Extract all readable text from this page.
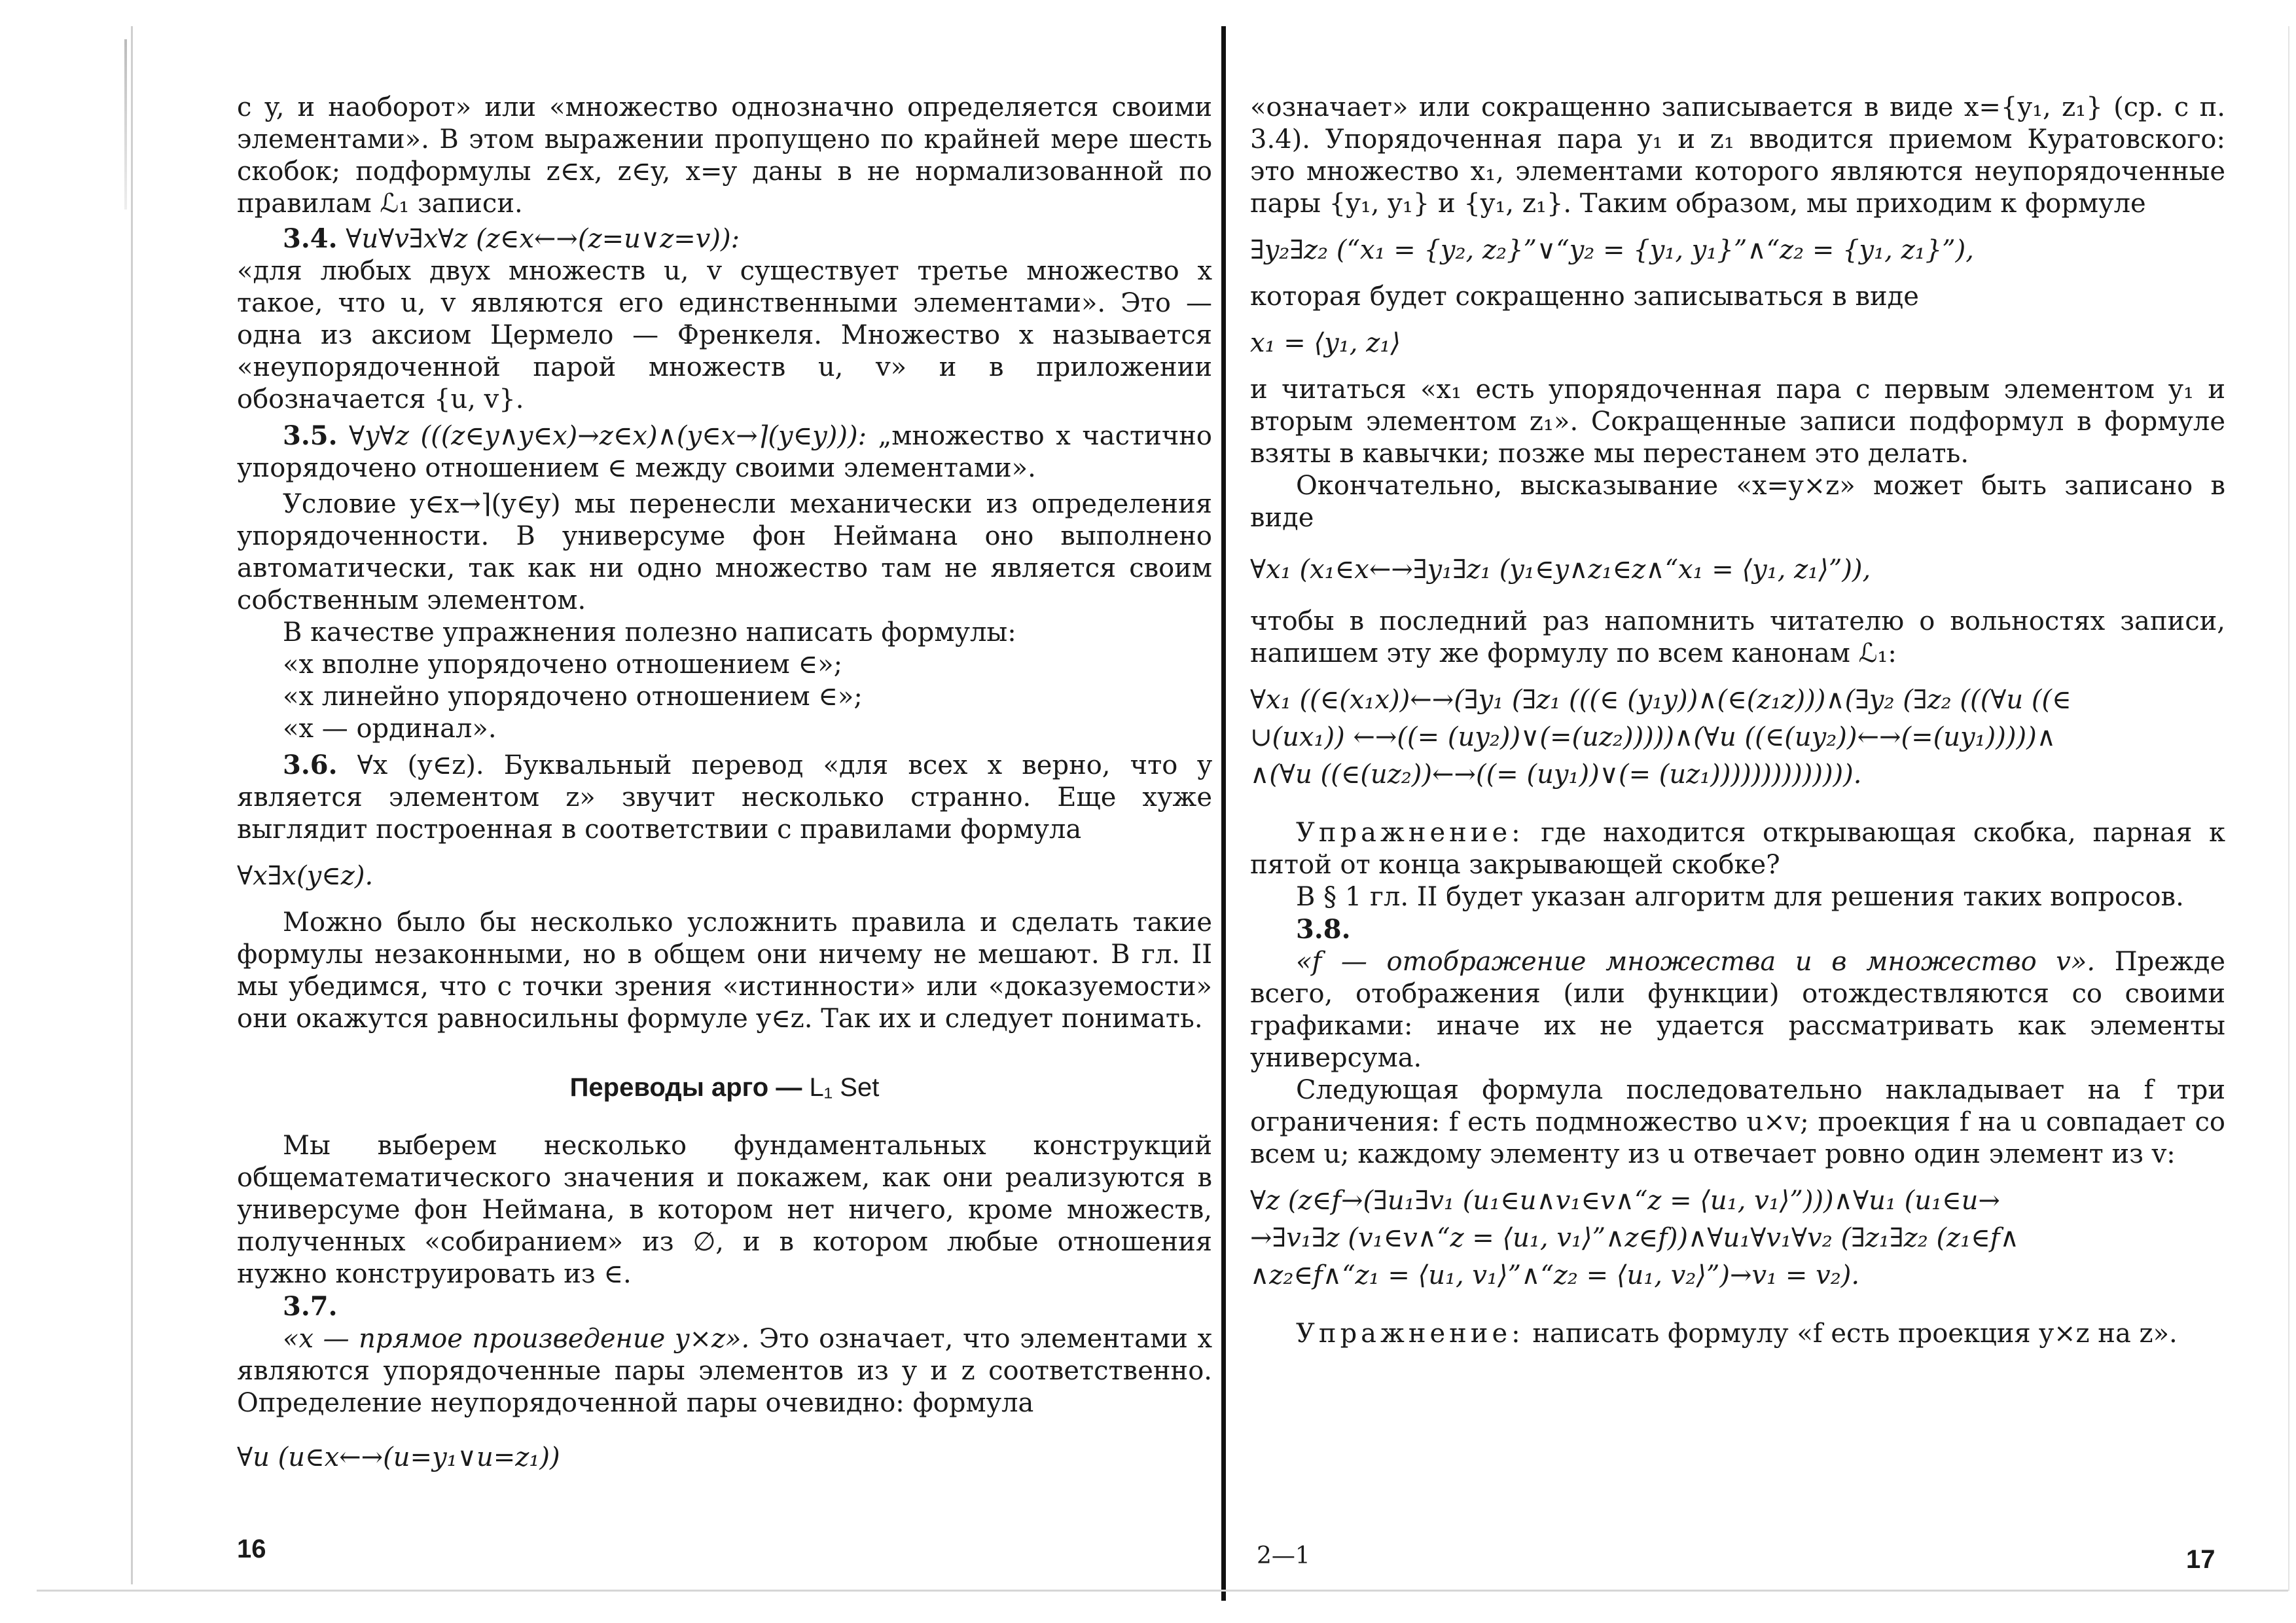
с y, и наоборот» или «множество однозначно определяется своими элементами». В этом выражении пропущено по крайней мере шесть скобок; подформулы z∈x, z∈y, x=y даны в не нормализованной по правилам ℒ₁ записи.

3.4. ∀u∀v∃x∀z (z∈x←→(z=u∨z=v)):

«для любых двух множеств u, v существует третье множество x такое, что u, v являются его единственными элементами». Это — одна из аксиом Цермело — Френкеля. Множество x называется «неупорядоченной парой множеств u, v» и в приложении обозначается {u, v}.

3.5. ∀y∀z (((z∈y∧y∈x)→z∈x)∧(y∈x→⌉(y∈y))): „множество x частично упорядочено отношением ∈ между своими элементами».

Условие y∈x→⌉(y∈y) мы перенесли механически из определения упорядоченности. В универсуме фон Неймана оно выполнено автоматически, так как ни одно множество там не является своим собственным элементом.

В качестве упражнения полезно написать формулы:

«x вполне упорядочено отношением ∈»;

«x линейно упорядочено отношением ∈»;

«x — ординал».

3.6. ∀x (y∈z). Буквальный перевод «для всех x верно, что y является элементом z» звучит несколько странно. Еще хуже выглядит построенная в соответствии с правилами формула

∀x∃x(y∈z).

Можно было бы несколько усложнить правила и сделать такие формулы незаконными, но в общем они ничему не мешают. В гл. II мы убедимся, что с точки зрения «истинности» или «доказуемости» они окажутся равносильны формуле y∈z. Так их и следует понимать.

Переводы арго — L₁ Set

Мы выберем несколько фундаментальных конструкций общематематического значения и покажем, как они реализуются в универсуме фон Неймана, в котором нет ничего, кроме множеств, полученных «собиранием» из ∅, и в котором любые отношения нужно конструировать из ∈.

3.7.

«x — прямое произведение y×z». Это означает, что элементами x являются упорядоченные пары элементов из y и z соответственно. Определение неупорядоченной пары очевидно: формула

∀u (u∈x←→(u=y₁∨u=z₁))

16

«означает» или сокращенно записывается в виде x={y₁, z₁} (ср. с п. 3.4). Упорядоченная пара y₁ и z₁ вводится приемом Куратовского: это множество x₁, элементами которого являются неупорядоченные пары {y₁, y₁} и {y₁, z₁}. Таким образом, мы приходим к формуле

∃y₂∃z₂ (“x₁ = {y₂, z₂}”∨“y₂ = {y₁, y₁}”∧“z₂ = {y₁, z₁}”),

которая будет сокращенно записываться в виде

x₁ = ⟨y₁, z₁⟩

и читаться «x₁ есть упорядоченная пара с первым элементом y₁ и вторым элементом z₁». Сокращенные записи подформул в формуле взяты в кавычки; позже мы перестанем это делать.

Окончательно, высказывание «x=y×z» может быть записано в виде

∀x₁ (x₁∈x←→∃y₁∃z₁ (y₁∈y∧z₁∈z∧“x₁ = ⟨y₁, z₁⟩”)),

чтобы в последний раз напомнить читателю о вольностях записи, напишем эту же формулу по всем канонам ℒ₁:

∀x₁ ((∈(x₁x))←→(∃y₁ (∃z₁ (((∈ (y₁y))∧(∈(z₁z)))∧(∃y₂ (∃z₂ (((∀u ((∈

∪(ux₁)) ←→((= (uy₂))∨(=(uz₂)))))∧(∀u ((∈(uy₂))←→(=(uy₁)))))∧

∧(∀u ((∈(uz₂))←→((= (uy₁))∨(= (uz₁)))))))))))))).

Упражнение: где находится открывающая скобка, парная к пятой от конца закрывающей скобке?

В § 1 гл. II будет указан алгоритм для решения таких вопросов.

3.8.

«f — отображение множества u в множество v». Прежде всего, отображения (или функции) отождествляются со своими графиками: иначе их не удается рассматривать как элементы универсума.

Следующая формула последовательно накладывает на f три ограничения: f есть подмножество u×v; проекция f на u совпадает со всем u; каждому элементу из u отвечает ровно один элемент из v:

∀z (z∈f→(∃u₁∃v₁ (u₁∈u∧v₁∈v∧“z = ⟨u₁, v₁⟩”)))∧∀u₁ (u₁∈u→

→∃v₁∃z (v₁∈v∧“z = ⟨u₁, v₁⟩”∧z∈f))∧∀u₁∀v₁∀v₂ (∃z₁∃z₂ (z₁∈f∧

∧z₂∈f∧“z₁ = ⟨u₁, v₁⟩”∧“z₂ = ⟨u₁, v₂⟩”)→v₁ = v₂).

Упражнение: написать формулу «f есть проекция y×z на z».

2—1	17
